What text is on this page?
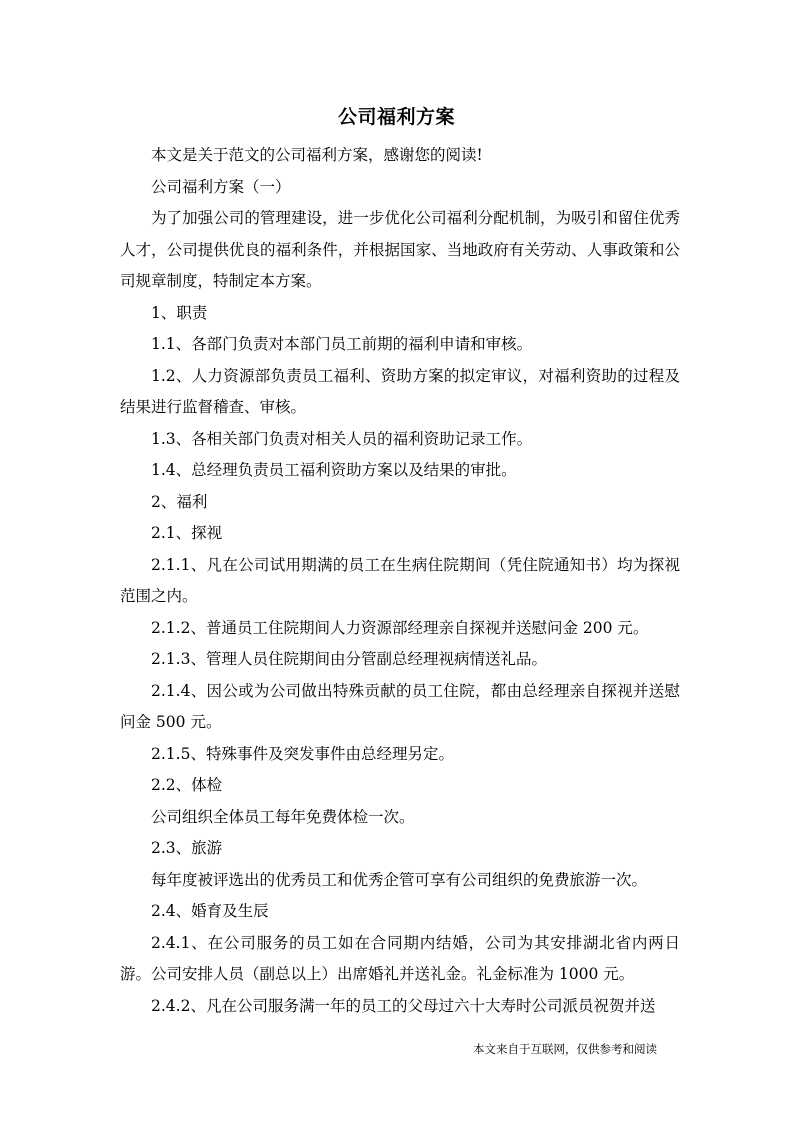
公司福利方案

本文是关于范文的公司福利方案，感谢您的阅读!

公司福利方案（一）

为了加强公司的管理建设，进一步优化公司福利分配机制，为吸引和留住优秀人才，公司提供优良的福利条件，并根据国家、当地政府有关劳动、人事政策和公司规章制度，特制定本方案。

1、职责

1.1、各部门负责对本部门员工前期的福利申请和审核。

1.2、人力资源部负责员工福利、资助方案的拟定审议，对福利资助的过程及结果进行监督稽查、审核。

1.3、各相关部门负责对相关人员的福利资助记录工作。

1.4、总经理负责员工福利资助方案以及结果的审批。

2、福利

2.1、探视

2.1.1、凡在公司试用期满的员工在生病住院期间（凭住院通知书）均为探视范围之内。

2.1.2、普通员工住院期间人力资源部经理亲自探视并送慰问金 200 元。

2.1.3、管理人员住院期间由分管副总经理视病情送礼品。

2.1.4、因公或为公司做出特殊贡献的员工住院，都由总经理亲自探视并送慰问金 500 元。

2.1.5、特殊事件及突发事件由总经理另定。

2.2、体检

公司组织全体员工每年免费体检一次。

2.3、旅游

每年度被评选出的优秀员工和优秀企管可享有公司组织的免费旅游一次。

2.4、婚育及生辰

2.4.1、在公司服务的员工如在合同期内结婚，公司为其安排湖北省内两日游。公司安排人员（副总以上）出席婚礼并送礼金。礼金标准为 1000 元。

2.4.2、凡在公司服务满一年的员工的父母过六十大寿时公司派员祝贺并送

本文来自于互联网，仅供参考和阅读
